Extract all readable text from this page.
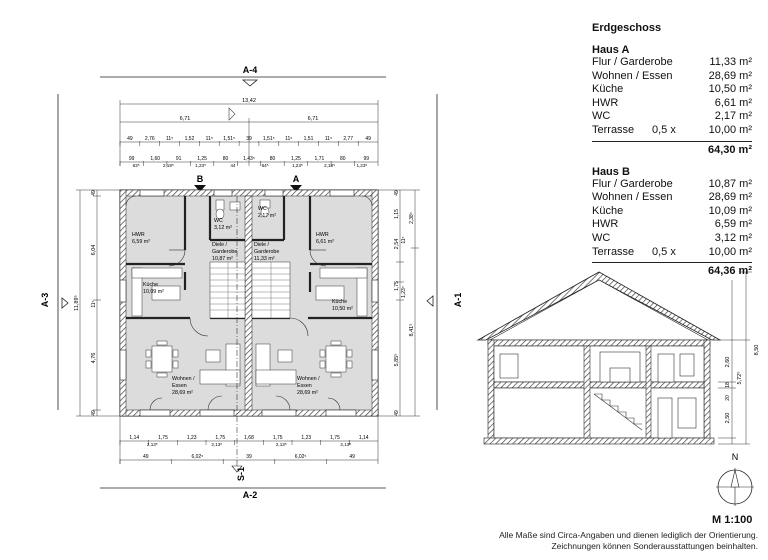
A-4
A-2
A-3	A-1
13,42
6,71	6,71
49 2,76 11⁵ 1,52 11⁵ 1,51⁵ 39 1,51⁵ 11⁵ 1,51 11⁵ 2,77 49
99	1,60	91	1,25	80	1,43⁵	80	1,25	1,71	80	99
63⁵	2,18⁵	1,23⁵	44	64⁵	1,23⁵	2,18⁵	1,23⁵
B	A
S-1
HWR
6,59 m²
WC
3,12 m²
Diele /
Garderobe
10,87 m²
Diele /
Garderobe
11,33 m²
WC
2,17 m²
HWR
6,61 m²
Küche
10,09 m²
Küche
10,50 m²
Wohnen /
Essen
28,69 m²
Wohnen /
Essen
28,69 m²
11,89⁵
6,04
4,76
11⁵
49
49
8,41⁵
5,85⁵
2,54
1,75
1,23⁵
1,15 2,38⁵
11⁵
49
49
1,14	1,75	1,23	1,75	1,68	1,75	1,23	1,75	1,14
2,13⁵	2,13⁵	2,13⁵	2,13⁵
49	6,02⁵	39	6,02⁵	49
8,50
2,60
5,72⁵
18
20
2,50
N
Erdgeschoss
Haus A
Flur / Garderobe	11,33 m²
Wohnen / Essen	28,69 m²
Küche	10,50 m²
HWR	6,61 m²
WC	2,17 m²
Terrasse	0,5 x	10,00 m²
64,30 m²
Haus B
Flur / Garderobe	10,87 m²
Wohnen / Essen	28,69 m²
Küche	10,09 m²
HWR	6,59 m²
WC	3,12 m²
Terrasse	0,5 x	10,00 m²
64,36 m²
M 1:100
Alle Maße sind Circa-Angaben und dienen lediglich der Orientierung. Zeichnungen können Sonderausstattungen beinhalten.
